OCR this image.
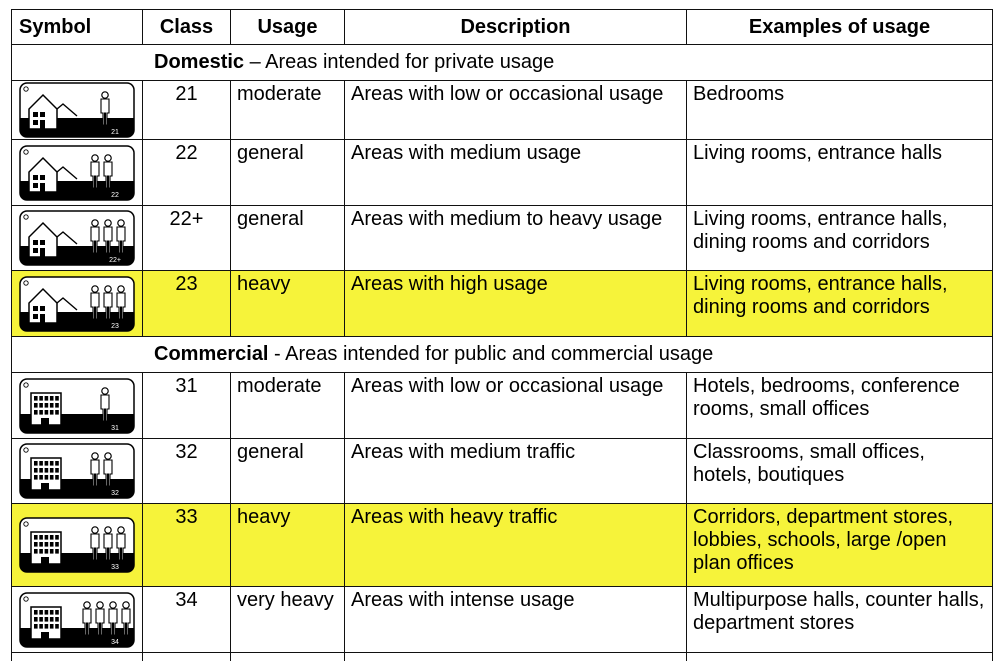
Symbol	Class	Usage	Description	Examples of usage
Domestic – Areas intended for private usage				

21	21	moderate	Areas with low or occasional usage	Bedrooms

22	22	general	Areas with medium usage	Living rooms, entrance halls

22+	22+	general	Areas with medium to heavy usage	Living rooms, entrance halls, dining rooms and corridors

23	23	heavy	Areas with high usage	Living rooms, entrance halls, dining rooms and corridors
Commercial - Areas intended for public and commercial usage				

31	31	moderate	Areas with low or occasional usage	Hotels, bedrooms, conference rooms, small offices

32	32	general	Areas with medium traffic	Classrooms, small offices, hotels, boutiques

33	33	heavy	Areas with heavy traffic	Corridors, department stores, lobbies, schools, large /open plan offices

34	34	very heavy	Areas with intense usage	Multipurpose halls, counter halls, department stores
